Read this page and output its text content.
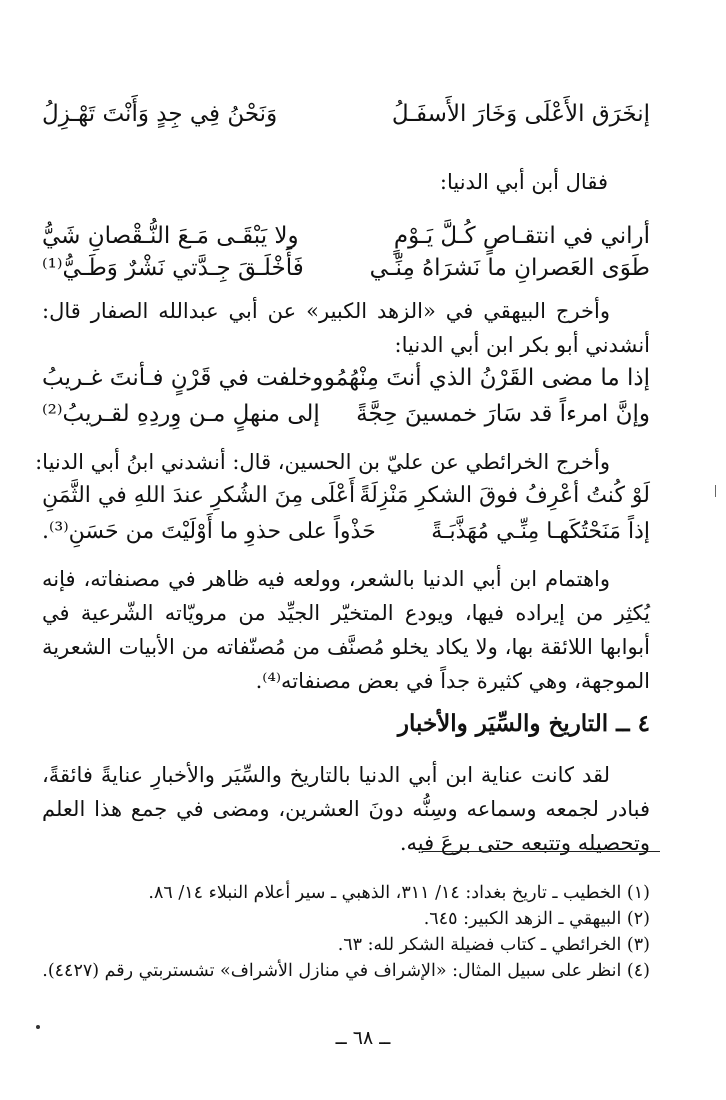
إنخَرَق الأَعْلَى وَخَارَ الأَسفَـلُ
وَنَحْنُ فِي جِدٍ وَأَنْتَ تَهْـزِلُ
فقال أبن أبي الدنيا:
أراني في انتقـاصٍ كُـلَّ يَـوْمٍ
ولا يَبْقَـى مَـعَ النُّـقْصانِ شَيُّ
طَوَى العَصرانِ ما نَشرَاهُ مِنِّـي
فَأَخْلَـقَ جِـدَّتي نَشْرٌ وَطَـيُّ⁽¹⁾
وأخرج البيهقي في «الزهد الكبير» عن أبي عبدالله الصفار قال: أنشدني أبو بكر ابن أبي الدنيا:
إذا ما مضى القَرْنُ الذي أنتَ مِنْهُمُو
وخلفت في قَرْنٍ فـأنتَ غـريبُ
وإنَّ امرءاً قد سَارَ خمسينَ حِجَّةً
إلى منهلٍ مـن وِردِهِ لقـريبُ⁽²⁾
وأخرج الخرائطي عن عليّ بن الحسين، قال: أنشدني ابنُ أبي الدنيا:
لَوْ كُنتُ أعْرِفُ فوقَ الشكرِ مَنْزِلَةً
أَعْلَى مِنَ الشُكرِ عندَ اللهِ في الثَّمَنِ
إذاً مَنَحْتُكَهـا مِنِّـي مُهَذَّبَـةً
حَذْواً على حذوِ ما أَوْلَيْتَ من حَسَنِ⁽³⁾.
واهتمام ابن أبي الدنيا بالشعر، وولعه فيه ظاهر في مصنفاته، فإنه يُكثِر من إيراده فيها، ويودع المتخيّر الجيِّد من مرويّاته الشّرعية في أبوابها اللائقة بها، ولا يكاد يخلو مُصنَّف من مُصنّفاته من الأبيات الشعرية الموجهة، وهي كثيرة جداً في بعض مصنفاته⁽⁴⁾.
٤ ــ التاريخ والسِّيَر والأخبار
لقد كانت عناية ابن أبي الدنيا بالتاريخ والسِّيَر والأخبارِ عنايةً فائقةً، فبادر لجمعه وسماعه وسِنُّه دونَ العشرين، ومضى في جمع هذا العلم وتحصيله وتتبعه حتى برعَ فيه.
(١) الخطيب ـ تاريخ بغداد: ١٤/ ٣١١، الذهبي ـ سير أعلام النبلاء ١٤/ ٨٦.
(٢) البيهقي ـ الزهد الكبير: ٦٤٥.
(٣) الخرائطي ـ كتاب فضيلة الشكر لله: ٦٣.
(٤) انظر على سبيل المثال: «الإشراف في منازل الأشراف» تشستربتي رقم (٤٤٢٧).
ــ ٦٨ ــ
